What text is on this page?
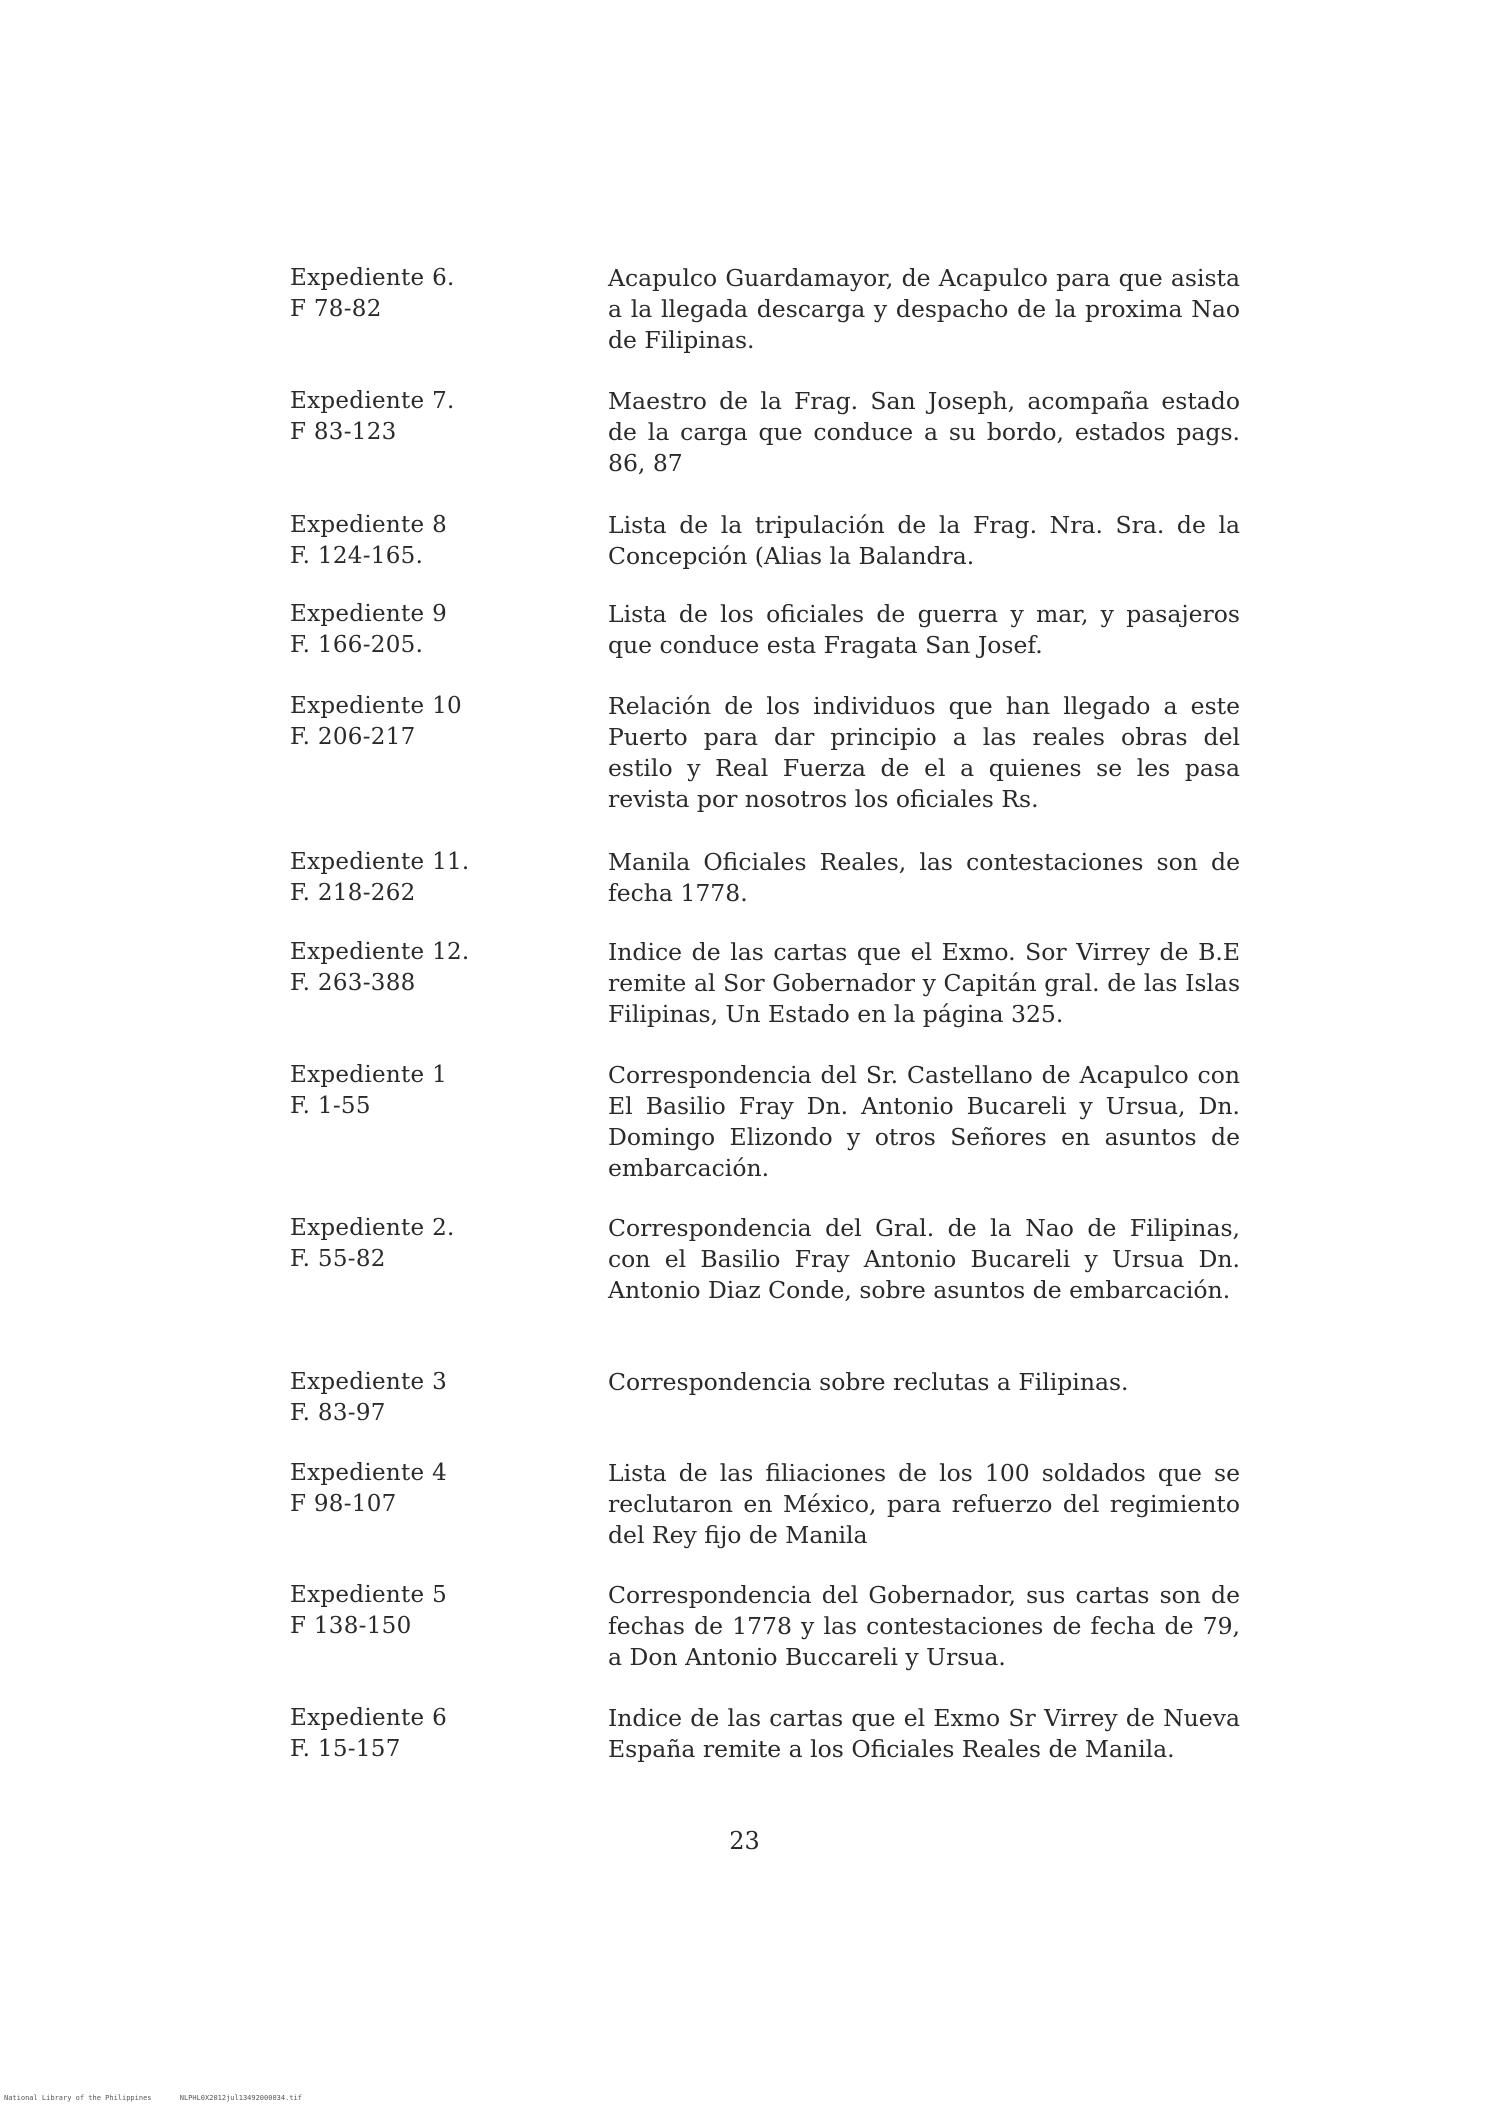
Expediente 6.
F 78-82
Acapulco Guardamayor, de Acapulco para que asista a la llegada descarga y despacho de la proxima Nao de Filipinas.
Expediente 7.
F 83-123
Maestro de la Frag. San Joseph, acompaña estado de la carga que conduce a su bordo, estados pags. 86, 87
Expediente 8
F. 124-165.
Lista de la tripulación de la Frag. Nra. Sra. de la Concepción (Alias la Balandra.
Expediente 9
F. 166-205.
Lista de los oficiales de guerra y mar, y pasajeros que conduce esta Fragata San Josef.
Expediente 10
F. 206-217
Relación de los individuos que han llegado a este Puerto para dar principio a las reales obras del estilo y Real Fuerza de el a quienes se les pasa revista por nosotros los oficiales Rs.
Expediente 11.
F. 218-262
Manila Oficiales Reales, las contestaciones son de fecha 1778.
Expediente 12.
F. 263-388
Indice de las cartas que el Exmo. Sor Virrey de B.E remite al Sor Gobernador y Capitán gral. de las Islas Filipinas, Un Estado en la página 325.
Expediente 1
F. 1-55
Correspondencia del Sr. Castellano de Acapulco con El Basilio Fray Dn. Antonio Bucareli y Ursua, Dn. Domingo Elizondo y otros Señores en asuntos de embarcación.
Expediente 2.
F. 55-82
Correspondencia del Gral. de la Nao de Filipinas, con el Basilio Fray Antonio Bucareli y Ursua Dn. Antonio Diaz Conde, sobre asuntos de embarcación.
Expediente 3
F. 83-97
Correspondencia sobre reclutas a Filipinas.
Expediente 4
F 98-107
Lista de las filiaciones de los 100 soldados que se reclutaron en México, para refuerzo del regimiento del Rey fijo de Manila
Expediente 5
F 138-150
Correspondencia del Gobernador, sus cartas son de fechas de 1778 y las contestaciones de fecha de 79, a Don Antonio Buccareli y Ursua.
Expediente 6
F. 15-157
Indice de las cartas que el Exmo Sr Virrey de Nueva España remite a los Oficiales Reales de Manila.
23
National Library of the Philippines	NLPHL0X2012jul13492000034.tif
